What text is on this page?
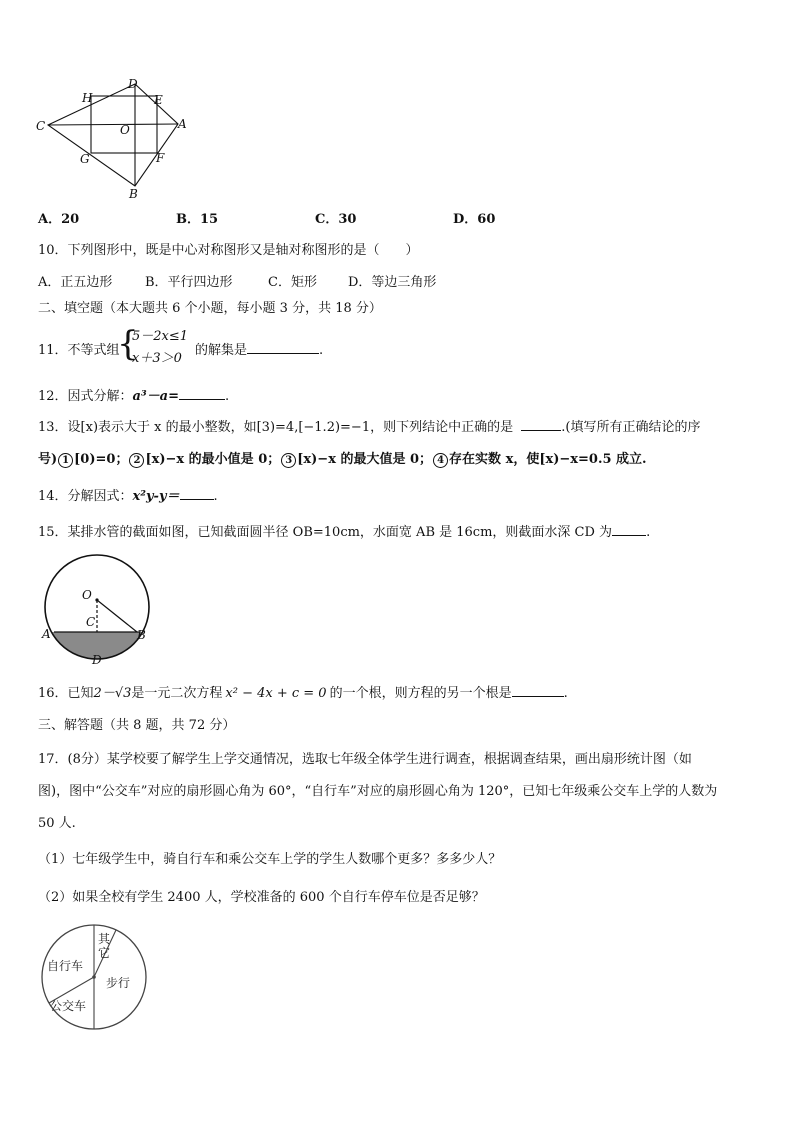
C
H
D
E
A
O
G	F
B
A．20	B．15	C．30	D．60
10．下列图形中，既是中心对称图形又是轴对称图形的是（　　）
A．正五边形	B．平行四边形	C．矩形 D．等边三角形
二、填空题（本大题共 6 个小题，每小题 3 分，共 18 分）
11．不等式组
{
5－2x≤1
x＋3＞0
的解集是	.
12．因式分解：a³－a=	.
13．设[x)表示大于 x 的最小整数，如[3)=4,[−1.2)=−1，则下列结论中正确的是	.(填写所有正确结论的序
号) 1 [0)=0； 2 [x)−x 的最小值是 0； 3 [x)−x 的最大值是 0； 4 存在实数 x，使[x)−x=0.5 成立.
14．分解因式：x²y-y＝	.
15．某排水管的截面如图，已知截面圆半径 OB=10cm，水面宽 AB 是 16cm，则截面水深 CD 为	.
O
C
A	B
D
16．已知2－√3是一元二次方程 x² − 4x + c = 0 的一个根，则方程的另一个根是	.
三、解答题（共 8 题，共 72 分）
17．(8分）某学校要了解学生上学交通情况，选取七年级全体学生进行调查，根据调查结果，画出扇形统计图（如
图)，图中“公交车”对应的扇形圆心角为 60°，“自行车”对应的扇形圆心角为 120°，已知七年级乘公交车上学的人数为
50 人.
（1）七年级学生中，骑自行车和乘公交车上学的学生人数哪个更多？多多少人？
（2）如果全校有学生 2400 人，学校准备的 600 个自行车停车位是否足够？
自行车
其
它
步行
公交车
